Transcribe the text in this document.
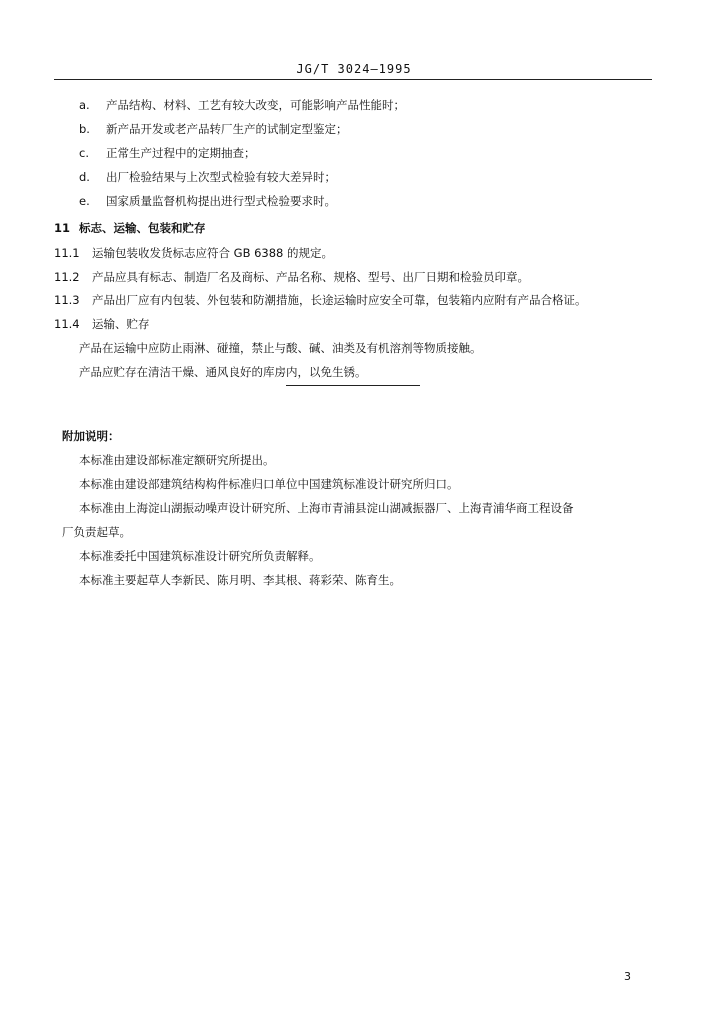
JG/T 3024—1995
a. 产品结构、材料、工艺有较大改变，可能影响产品性能时；
b. 新产品开发或老产品转厂生产的试制定型鉴定；
c. 正常生产过程中的定期抽查；
d. 出厂检验结果与上次型式检验有较大差异时；
e. 国家质量监督机构提出进行型式检验要求时。
11 标志、运输、包装和贮存
11.1 运输包装收发货标志应符合 GB 6388 的规定。
11.2 产品应具有标志、制造厂名及商标、产品名称、规格、型号、出厂日期和检验员印章。
11.3 产品出厂应有内包装、外包装和防潮措施，长途运输时应安全可靠，包装箱内应附有产品合格证。
11.4 运输、贮存
产品在运输中应防止雨淋、碰撞，禁止与酸、碱、油类及有机溶剂等物质接触。
产品应贮存在清洁干燥、通风良好的库房内，以免生锈。
附加说明：
本标准由建设部标准定额研究所提出。
本标准由建设部建筑结构构件标准归口单位中国建筑标准设计研究所归口。
本标准由上海淀山湖振动噪声设计研究所、上海市青浦县淀山湖减振器厂、上海青浦华商工程设备
厂负责起草。
本标准委托中国建筑标准设计研究所负责解释。
本标准主要起草人李新民、陈月明、李其根、蒋彩荣、陈育生。
3
